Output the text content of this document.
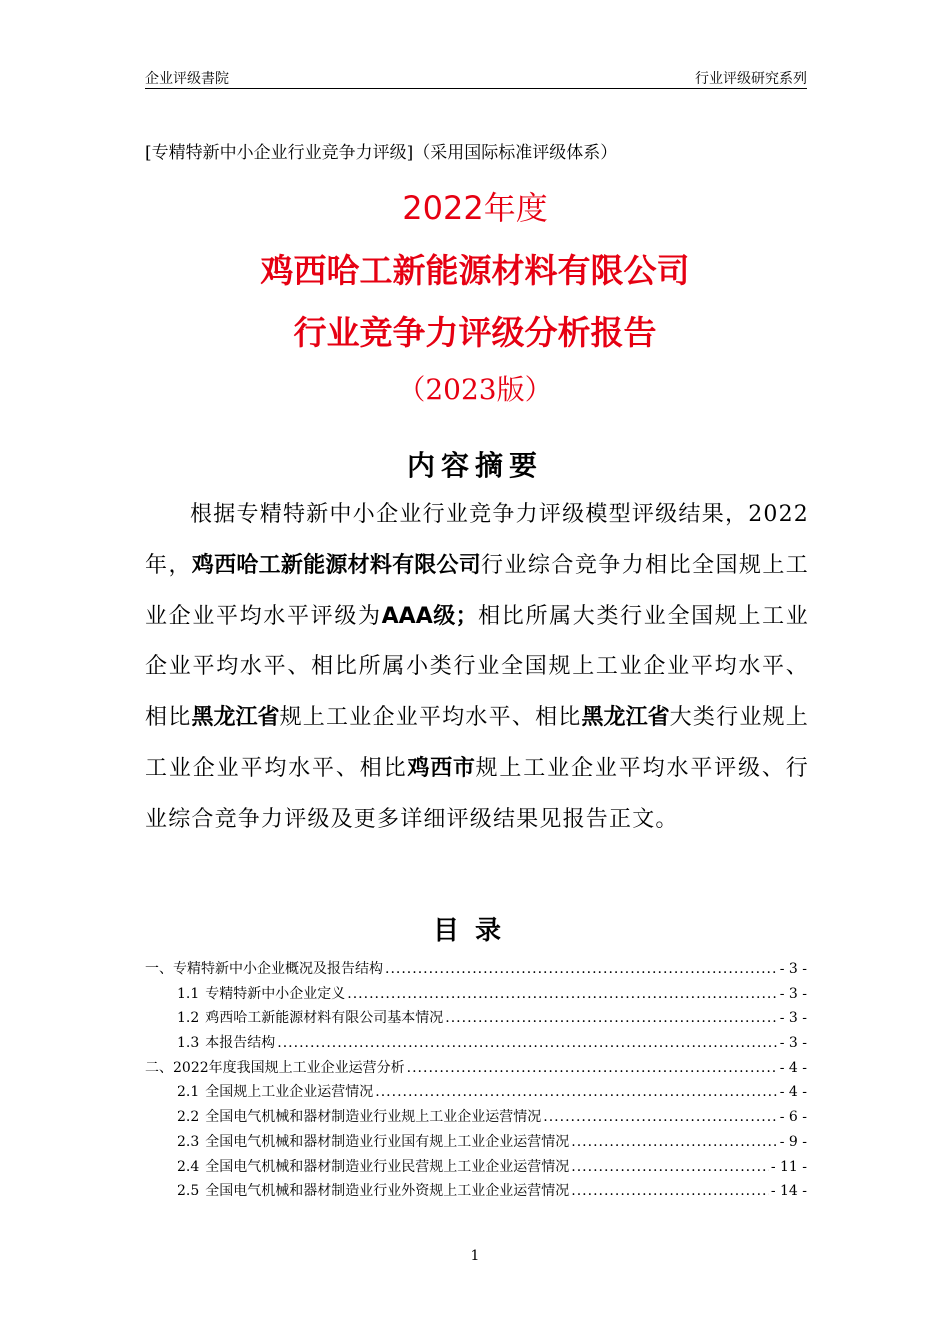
企业评级書院	行业评级研究系列
[专精特新中小企业行业竞争力评级]（采用国际标准评级体系）
2022年度
鸡西哈工新能源材料有限公司
行业竞争力评级分析报告
（2023版）
内容摘要
根据专精特新中小企业行业竞争力评级模型评级结果，2022年，鸡西哈工新能源材料有限公司行业综合竞争力相比全国规上工业企业平均水平评级为AAA级；相比所属大类行业全国规上工业企业平均水平、相比所属小类行业全国规上工业企业平均水平、相比黑龙江省规上工业企业平均水平、相比黑龙江省大类行业规上工业企业平均水平、相比鸡西市规上工业企业平均水平评级、行业综合竞争力评级及更多详细评级结果见报告正文。
目录
一、专精特新中小企业概况及报告结构 .....	- 3 -
1.1 专精特新中小企业定义 .....	- 3 -
1.2 鸡西哈工新能源材料有限公司基本情况 .....	- 3 -
1.3 本报告结构 .....	- 3 -
二、2022年度我国规上工业企业运营分析 .....	- 4 -
2.1 全国规上工业企业运营情况 .....	- 4 -
2.2 全国电气机械和器材制造业行业规上工业企业运营情况 .....	- 6 -
2.3 全国电气机械和器材制造业行业国有规上工业企业运营情况 .....	- 9 -
2.4 全国电气机械和器材制造业行业民营规上工业企业运营情况 .....	- 11 -
2.5 全国电气机械和器材制造业行业外资规上工业企业运营情况 .....	- 14 -
1
